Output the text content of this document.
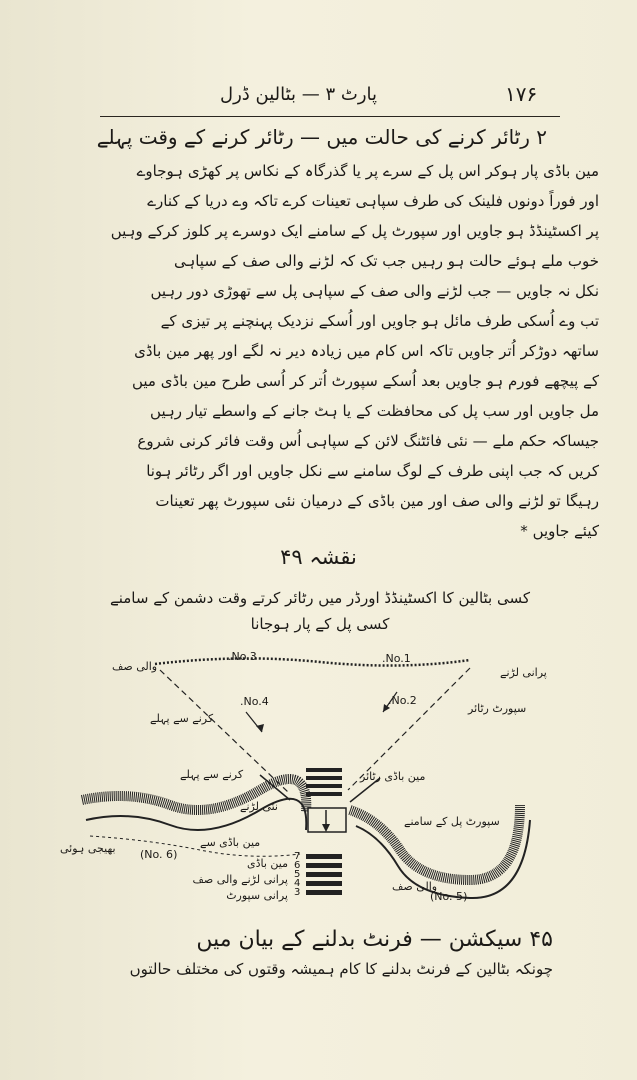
۱۷۶
پارٹ ۳ — بٹالین ڈرل
۲ رٹائر کرنے کی حالت میں — رٹائر کرنے کے وقت پہلے
مین باڈی پار ہوکر اس پل کے سرے پر یا گذرگاہ کے نکاس پر کھڑی ہوجاوے
اور فوراً دونوں فلینک کی طرف سپاہی تعینات کرے تاکہ وے دریا کے کنارے
پر اکسٹینڈڈ ہو جاویں اور سپورٹ پل کے سامنے ایک دوسرے پر کلوز کرکے وہیں
خوب ملے ہوئے حالت ہو رہیں جب تک کہ لڑنے والی صف کے سپاہی
نکل نہ جاویں — جب لڑنے والی صف کے سپاہی پل سے تھوڑی دور رہیں
تب وے اُسکی طرف مائل ہو جاویں اور اُسکے نزدیک پہنچنے پر تیزی کے
ساتھہ دوڑکر اُتر جاویں تاکہ اس کام میں زیادہ دیر نہ لگے اور پھر مین باڈی
کے پیچھے فورم ہو جاویں بعد اُسکے سپورٹ اُتر کر اُسی طرح مین باڈی میں
مل جاویں اور سب پل کی محافظت کے یا ہٹ جانے کے واسطے تیار رہیں
جیساکہ حکم ملے — نئی فائٹنگ لائن کے سپاہی اُس وقت فائر کرنی شروع
کریں کہ جب اپنی طرف کے لوگ سامنے سے نکل جاویں اور اگر رٹائر ہونا
رہیگا تو لڑنے والی صف اور مین باڈی کے درمیان نئی سپورٹ پھر تعینات
کیئے جاویں *
نقشہ ۴۹
کسی بٹالین کا اکسٹینڈڈ اورڈر میں رٹائر کرتے وقت دشمن کے سامنے
کسی پل کے پار ہوجانا
No.3.	No.1.
No.4.	No.2.
والی صف	پرانی لڑنے
کرنے سے پہلے
سپورٹ رٹائر
کرنے سے پہلے	مین باڈی رٹائر
نئی لڑنے
مین باڈی سے
بھیجی ہوئی
سپورٹ پل کے سامنے
والی صف
(No. 6)
(No. 5)
7
6
5
4
3
مین باڈی
پرانی لڑنے والی صف
پرانی سپورٹ
۴۵ سیکشن — فرنٹ بدلنے کے بیان میں
چونکہ بٹالین کے فرنٹ بدلنے کا کام ہمیشہ وقتوں کی مختلف حالتوں
